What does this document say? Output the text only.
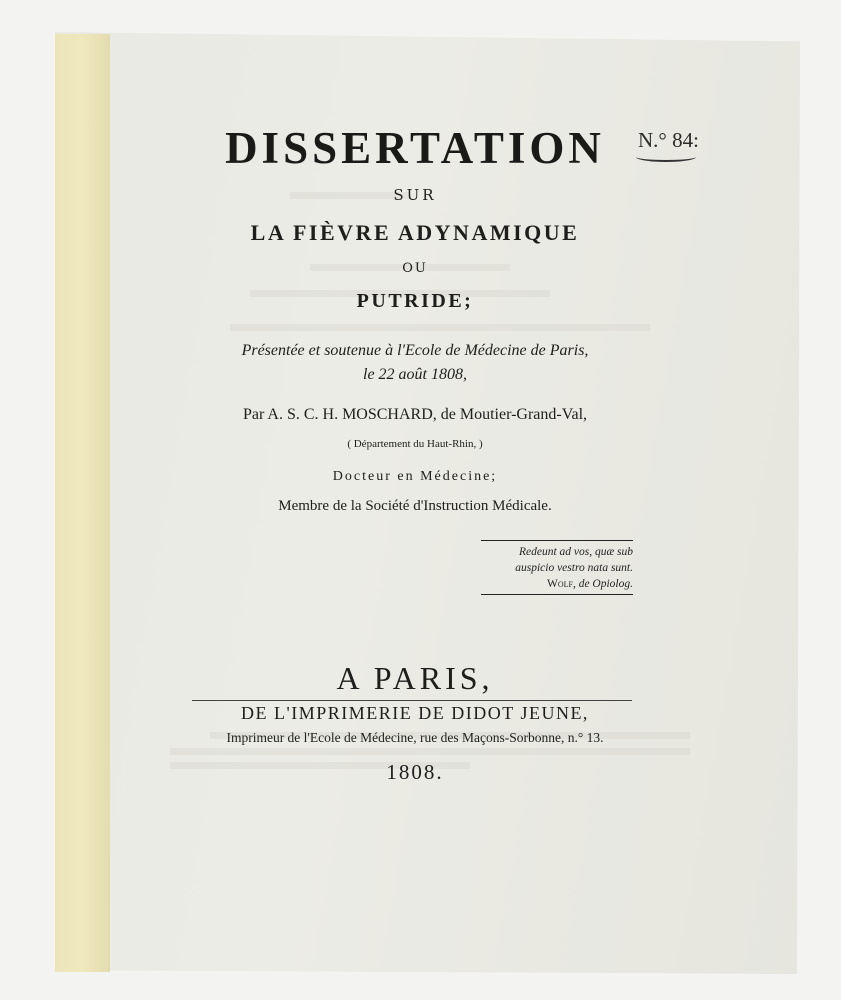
DISSERTATION	N.° 84:
SUR
LA FIÈVRE ADYNAMIQUE
OU
PUTRIDE;
Présentée et soutenue à l'Ecole de Médecine de Paris,
le 22 août 1808,
Par A. S. C. H. MOSCHARD, de Moutier-Grand-Val,
( Département du Haut-Rhin, )
Docteur en Médecine;
Membre de la Société d'Instruction Médicale.
Redeunt ad vos, quæ sub
auspicio vestro nata sunt.
Wolf, de Opiolog.
A PARIS,
DE L'IMPRIMERIE DE DIDOT JEUNE,
Imprimeur de l'Ecole de Médecine, rue des Maçons-Sorbonne, n.° 13.
1808.
